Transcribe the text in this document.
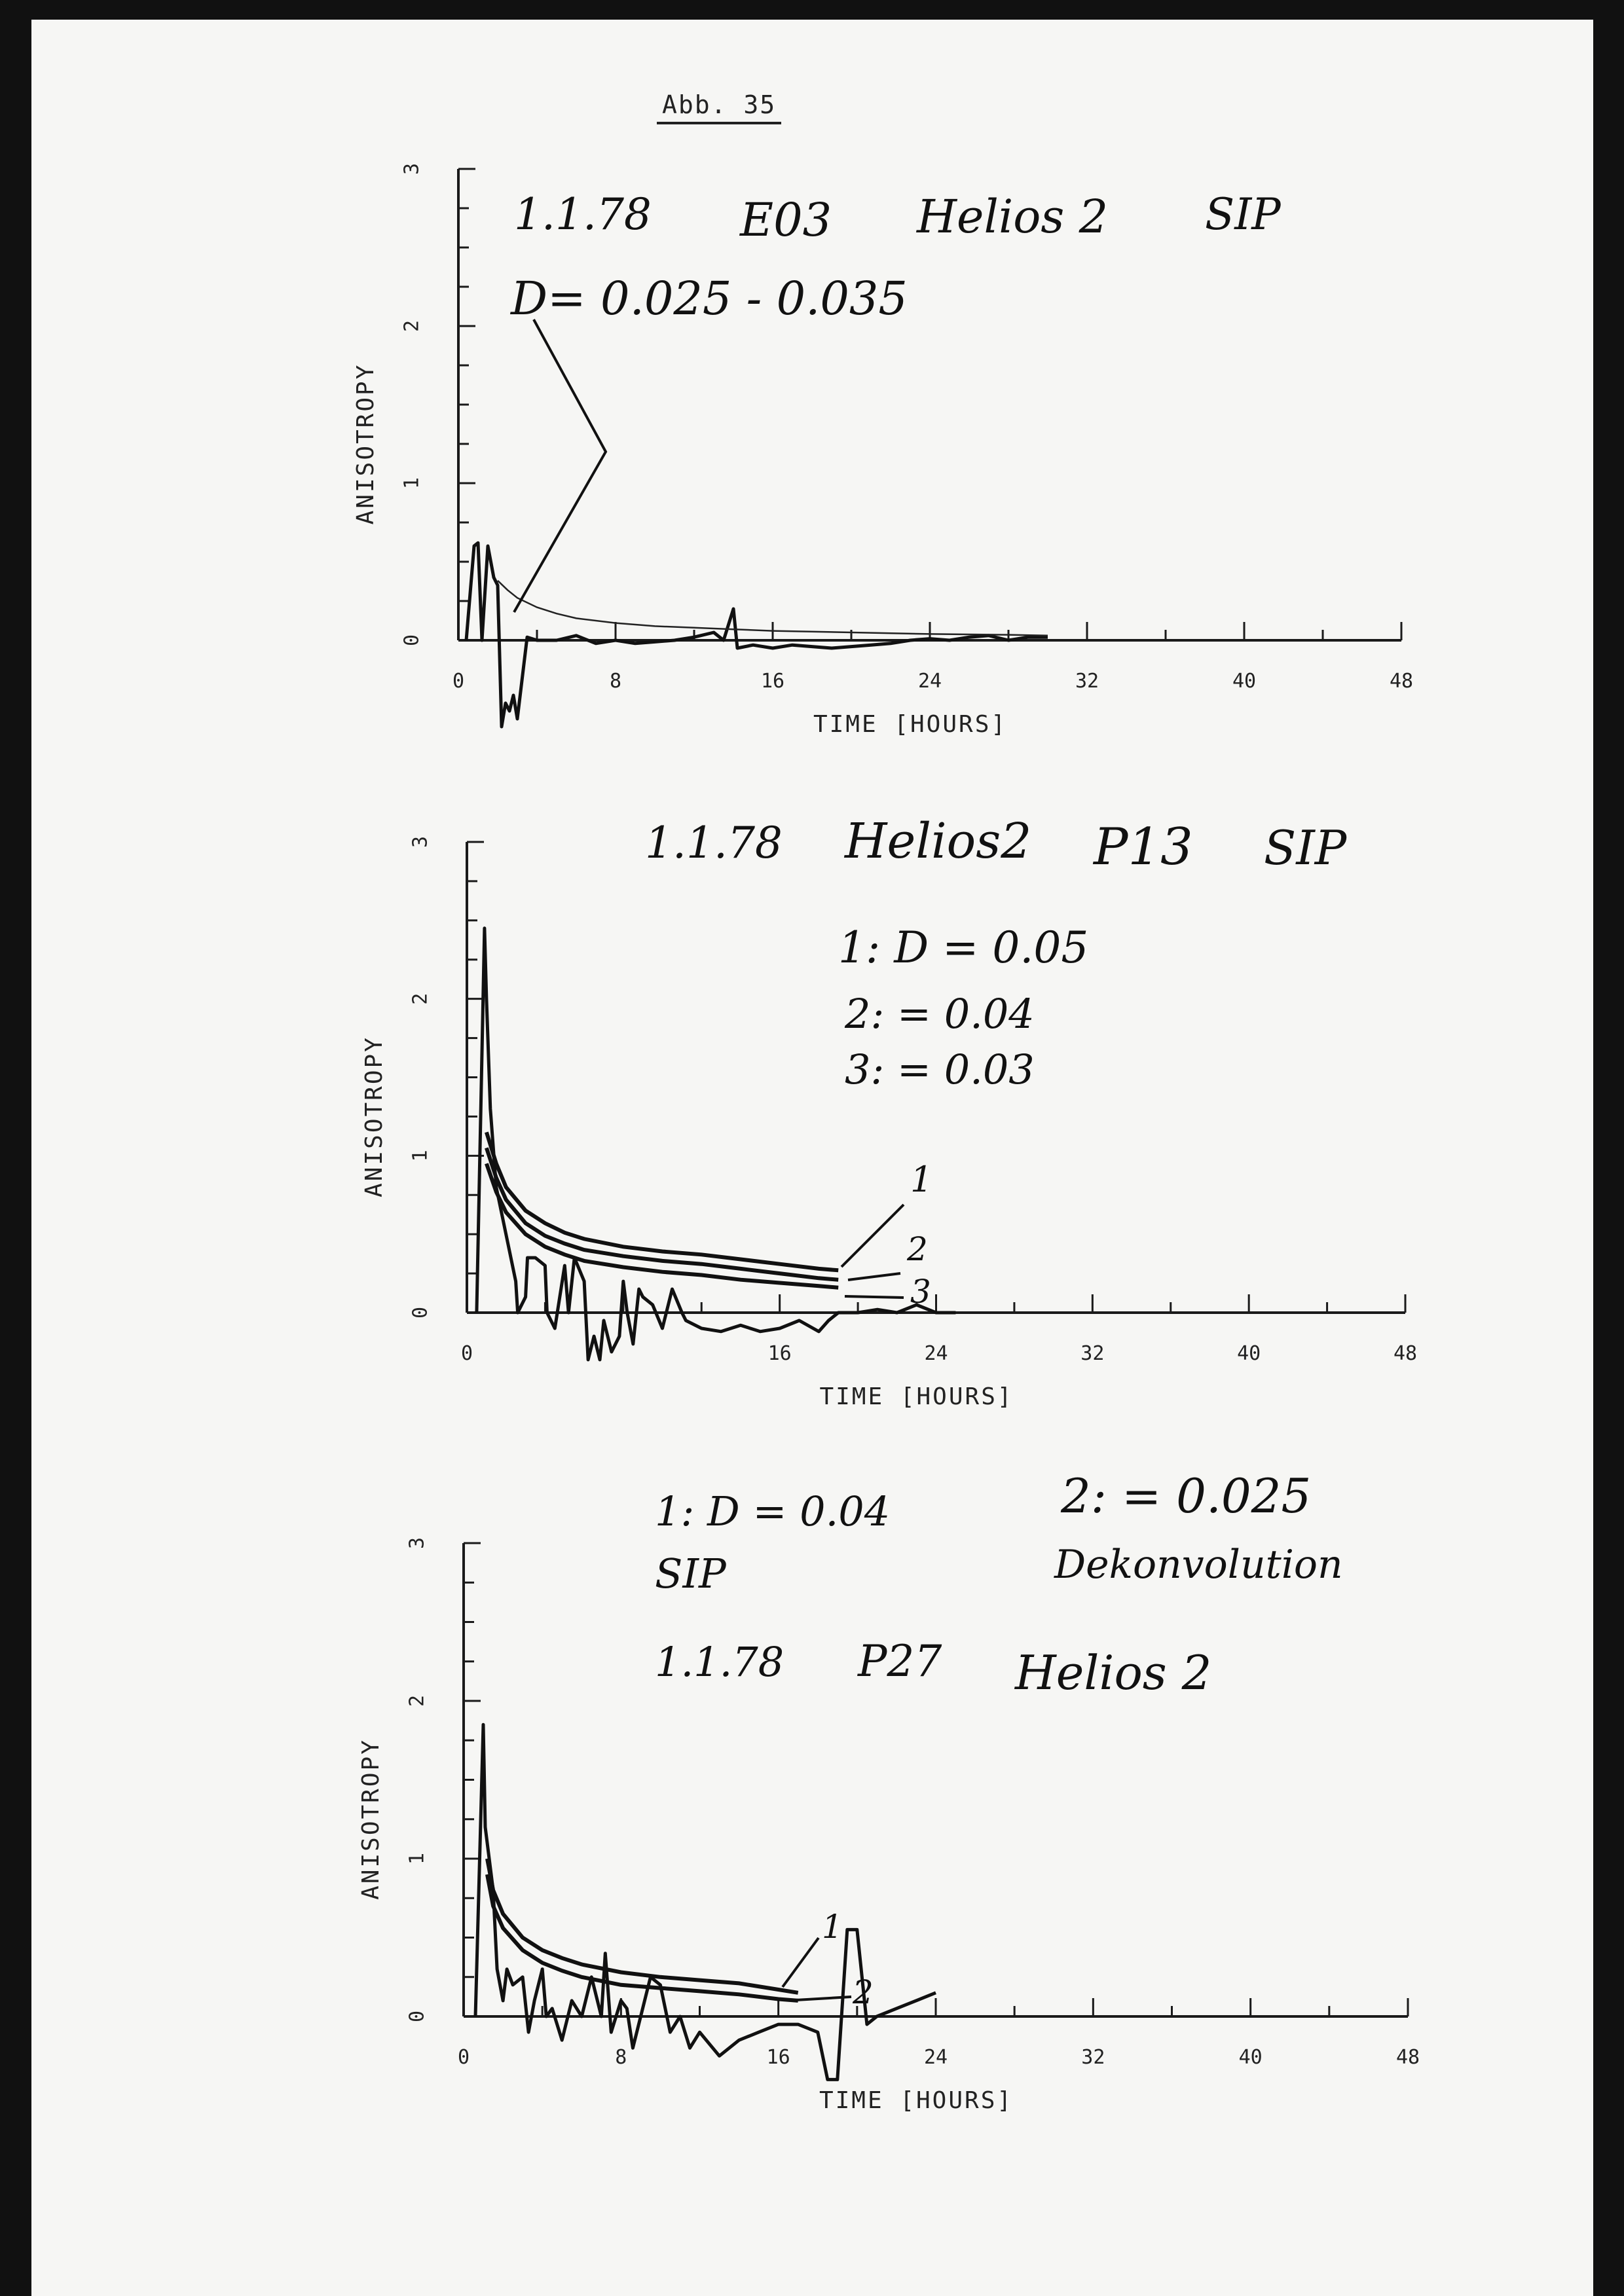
Abb. 35
0
1
2
3
0	8	16	24	32	40	48
ANISOTROPY
TIME [HOURS]
1.1.78 E03 Helios 2 SIP
D= 0.025 - 0.035
0
1
2
3
0	16	24	32	40	48
ANISOTROPY
TIME [HOURS]
1.1.78 Helios2 P13 SIP
1: D = 0.05
2: = 0.04
3: = 0.03
1
2
3
0
1
2
3
0	8	16	24	32	40	48
ANISOTROPY
TIME [HOURS]
1: D = 0.04	2: = 0.025
SIP	Dekonvolution
1.1.78 P27 Helios 2
1
2
